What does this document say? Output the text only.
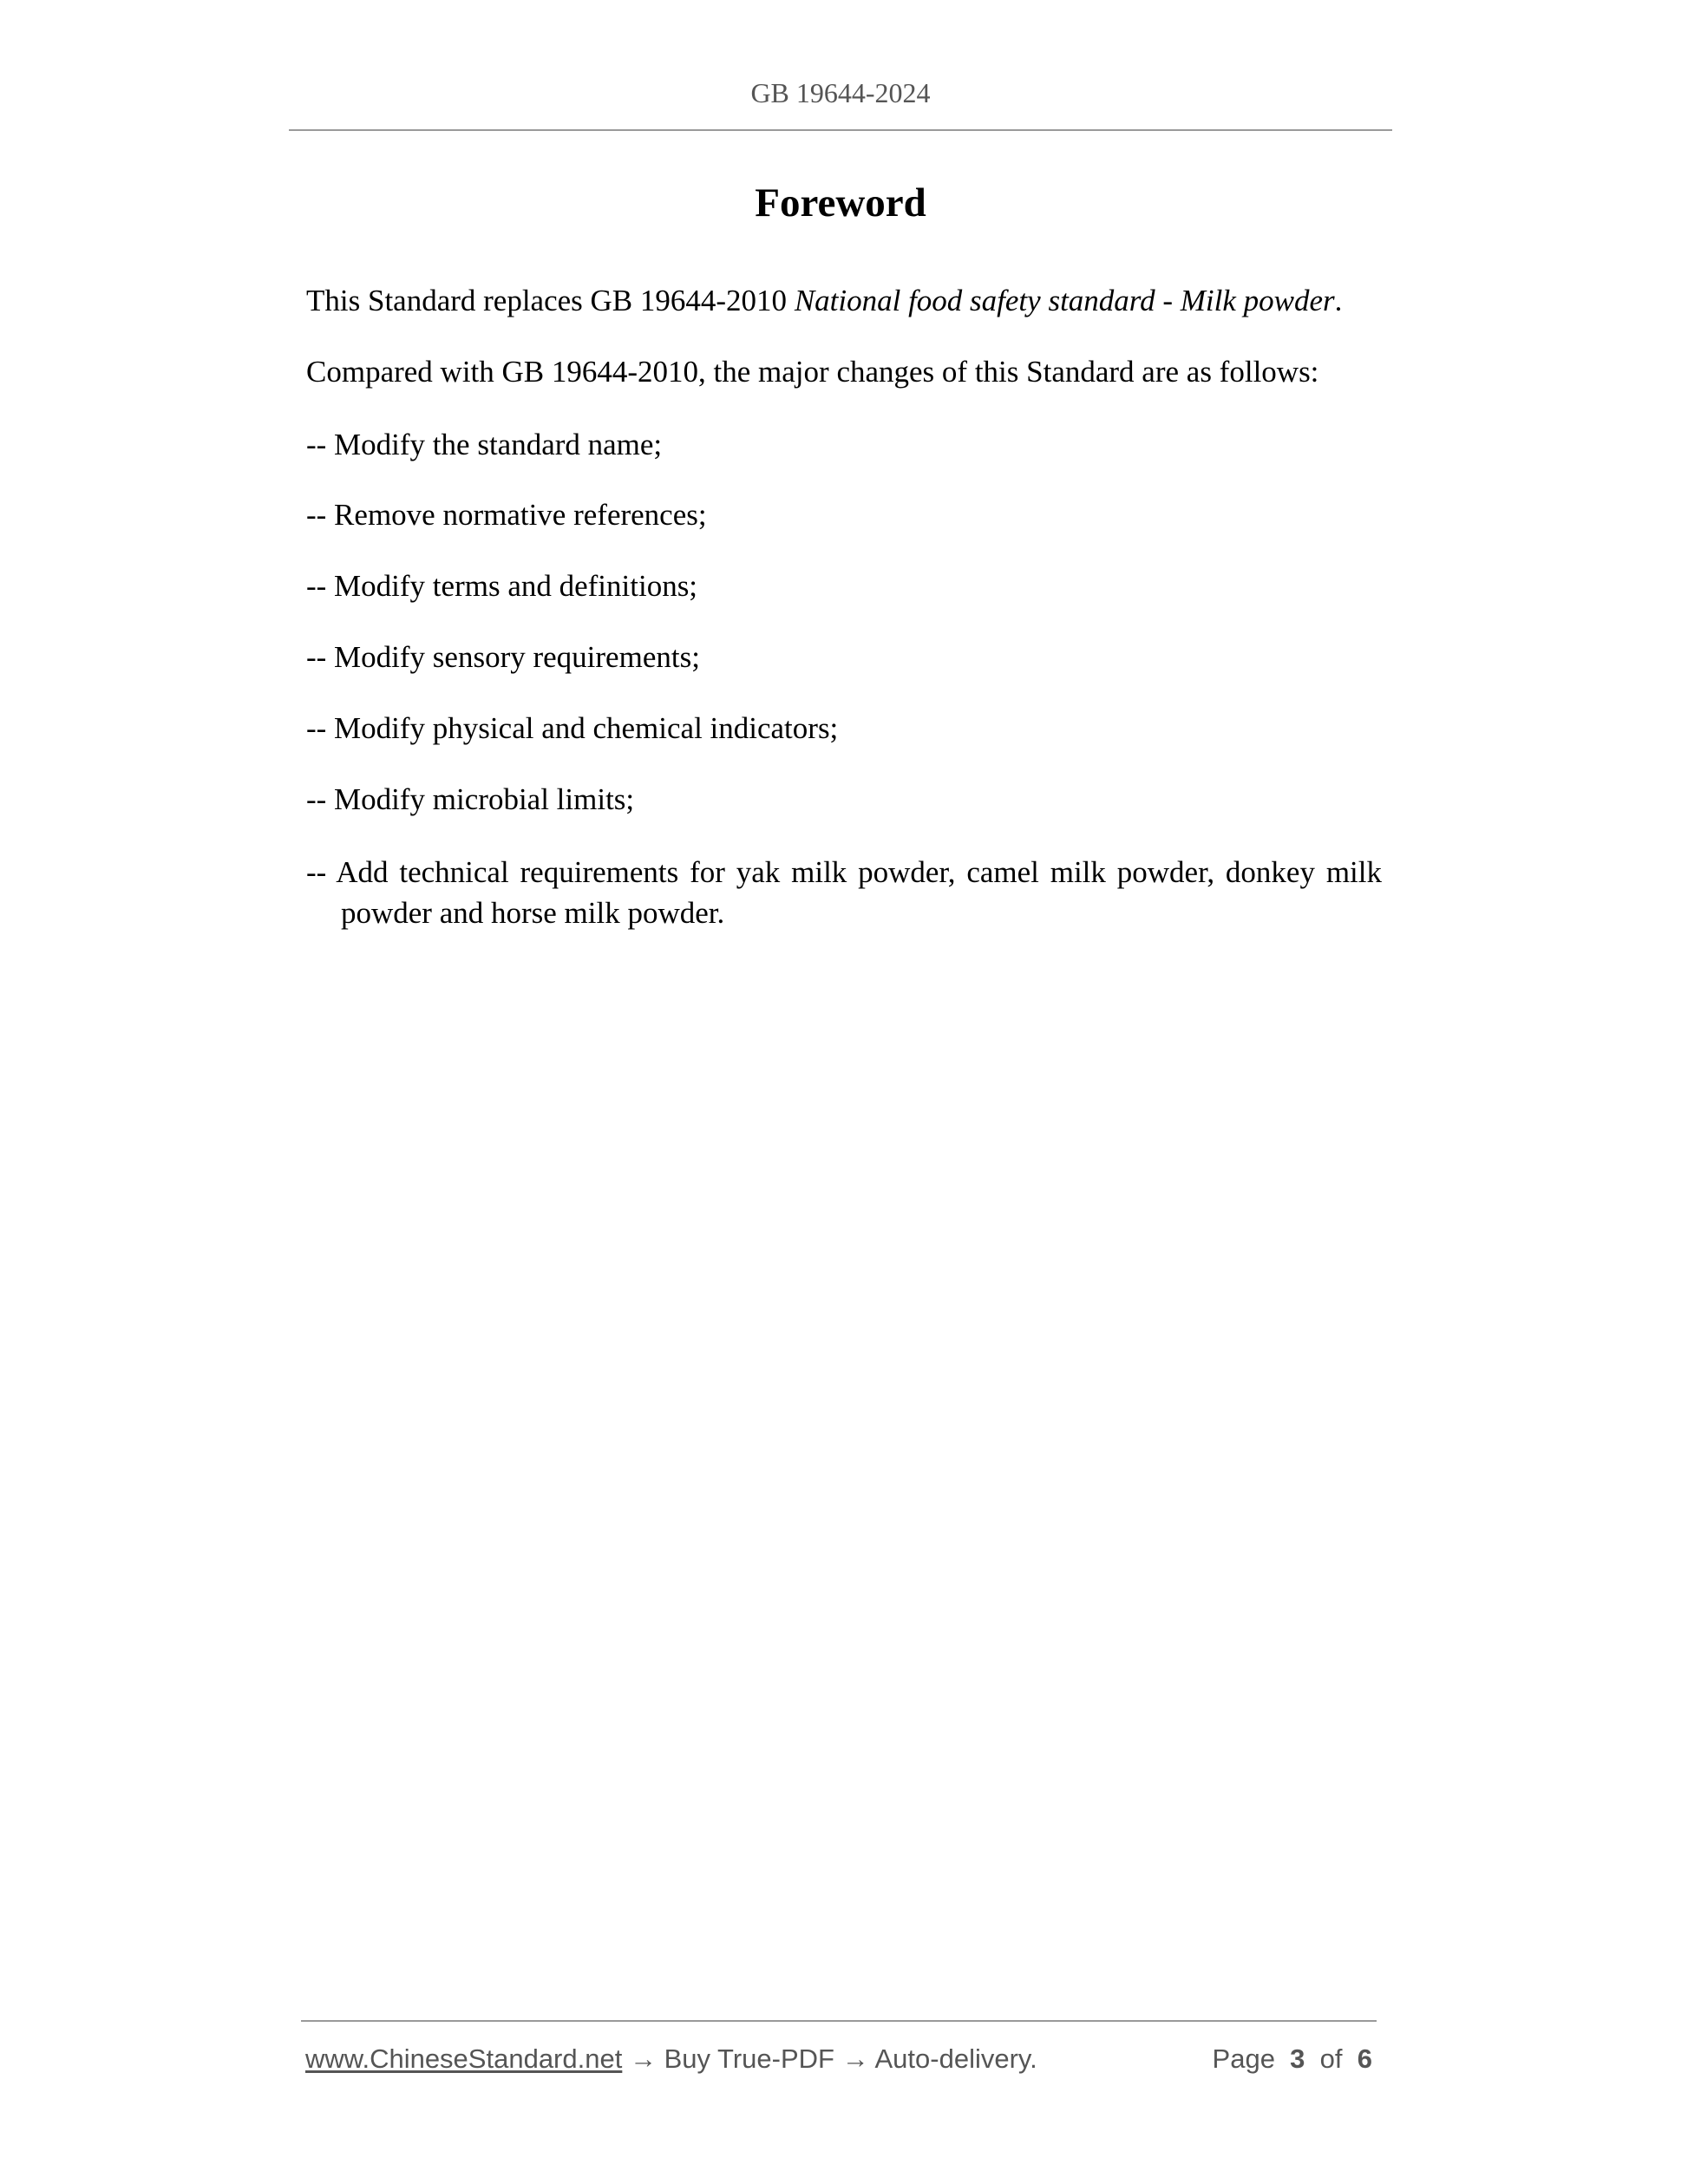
GB 19644-2024
Foreword

This Standard replaces GB 19644-2010 National food safety standard - Milk powder.

Compared with GB 19644-2010, the major changes of this Standard are as follows:

-- Modify the standard name;

-- Remove normative references;

-- Modify terms and definitions;

-- Modify sensory requirements;

-- Modify physical and chemical indicators;

-- Modify microbial limits;

-- Add technical requirements for yak milk powder, camel milk powder, donkey milk powder and horse milk powder.

www.ChineseStandard.net → Buy True-PDF → Auto-delivery.	Page 3 of 6
